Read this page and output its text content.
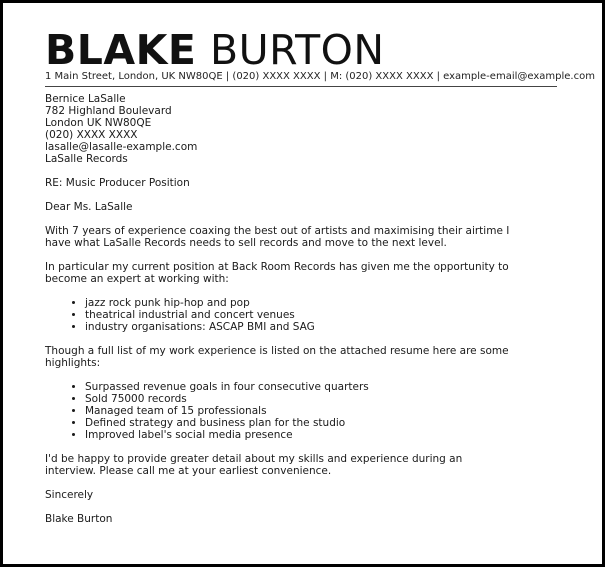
BLAKE BURTON
1 Main Street, London, UK NW80QE | (020) XXXX XXXX | M: (020) XXXX XXXX | example-email@example.com
Bernice LaSalle
782 Highland Boulevard
London UK NW80QE
(020) XXXX XXXX
lasalle@lasalle-example.com
LaSalle Records

RE: Music Producer Position

Dear Ms. LaSalle

With 7 years of experience coaxing the best out of artists and maximising their airtime I have what LaSalle Records needs to sell records and move to the next level.

In particular my current position at Back Room Records has given me the opportunity to become an expert at working with:

• jazz rock punk hip-hop and pop
• theatrical industrial and concert venues
• industry organisations: ASCAP BMI and SAG

Though a full list of my work experience is listed on the attached resume here are some highlights:

• Surpassed revenue goals in four consecutive quarters
• Sold 75000 records
• Managed team of 15 professionals
• Defined strategy and business plan for the studio
• Improved label's social media presence

I'd be happy to provide greater detail about my skills and experience during an interview. Please call me at your earliest convenience.

Sincerely

Blake Burton
